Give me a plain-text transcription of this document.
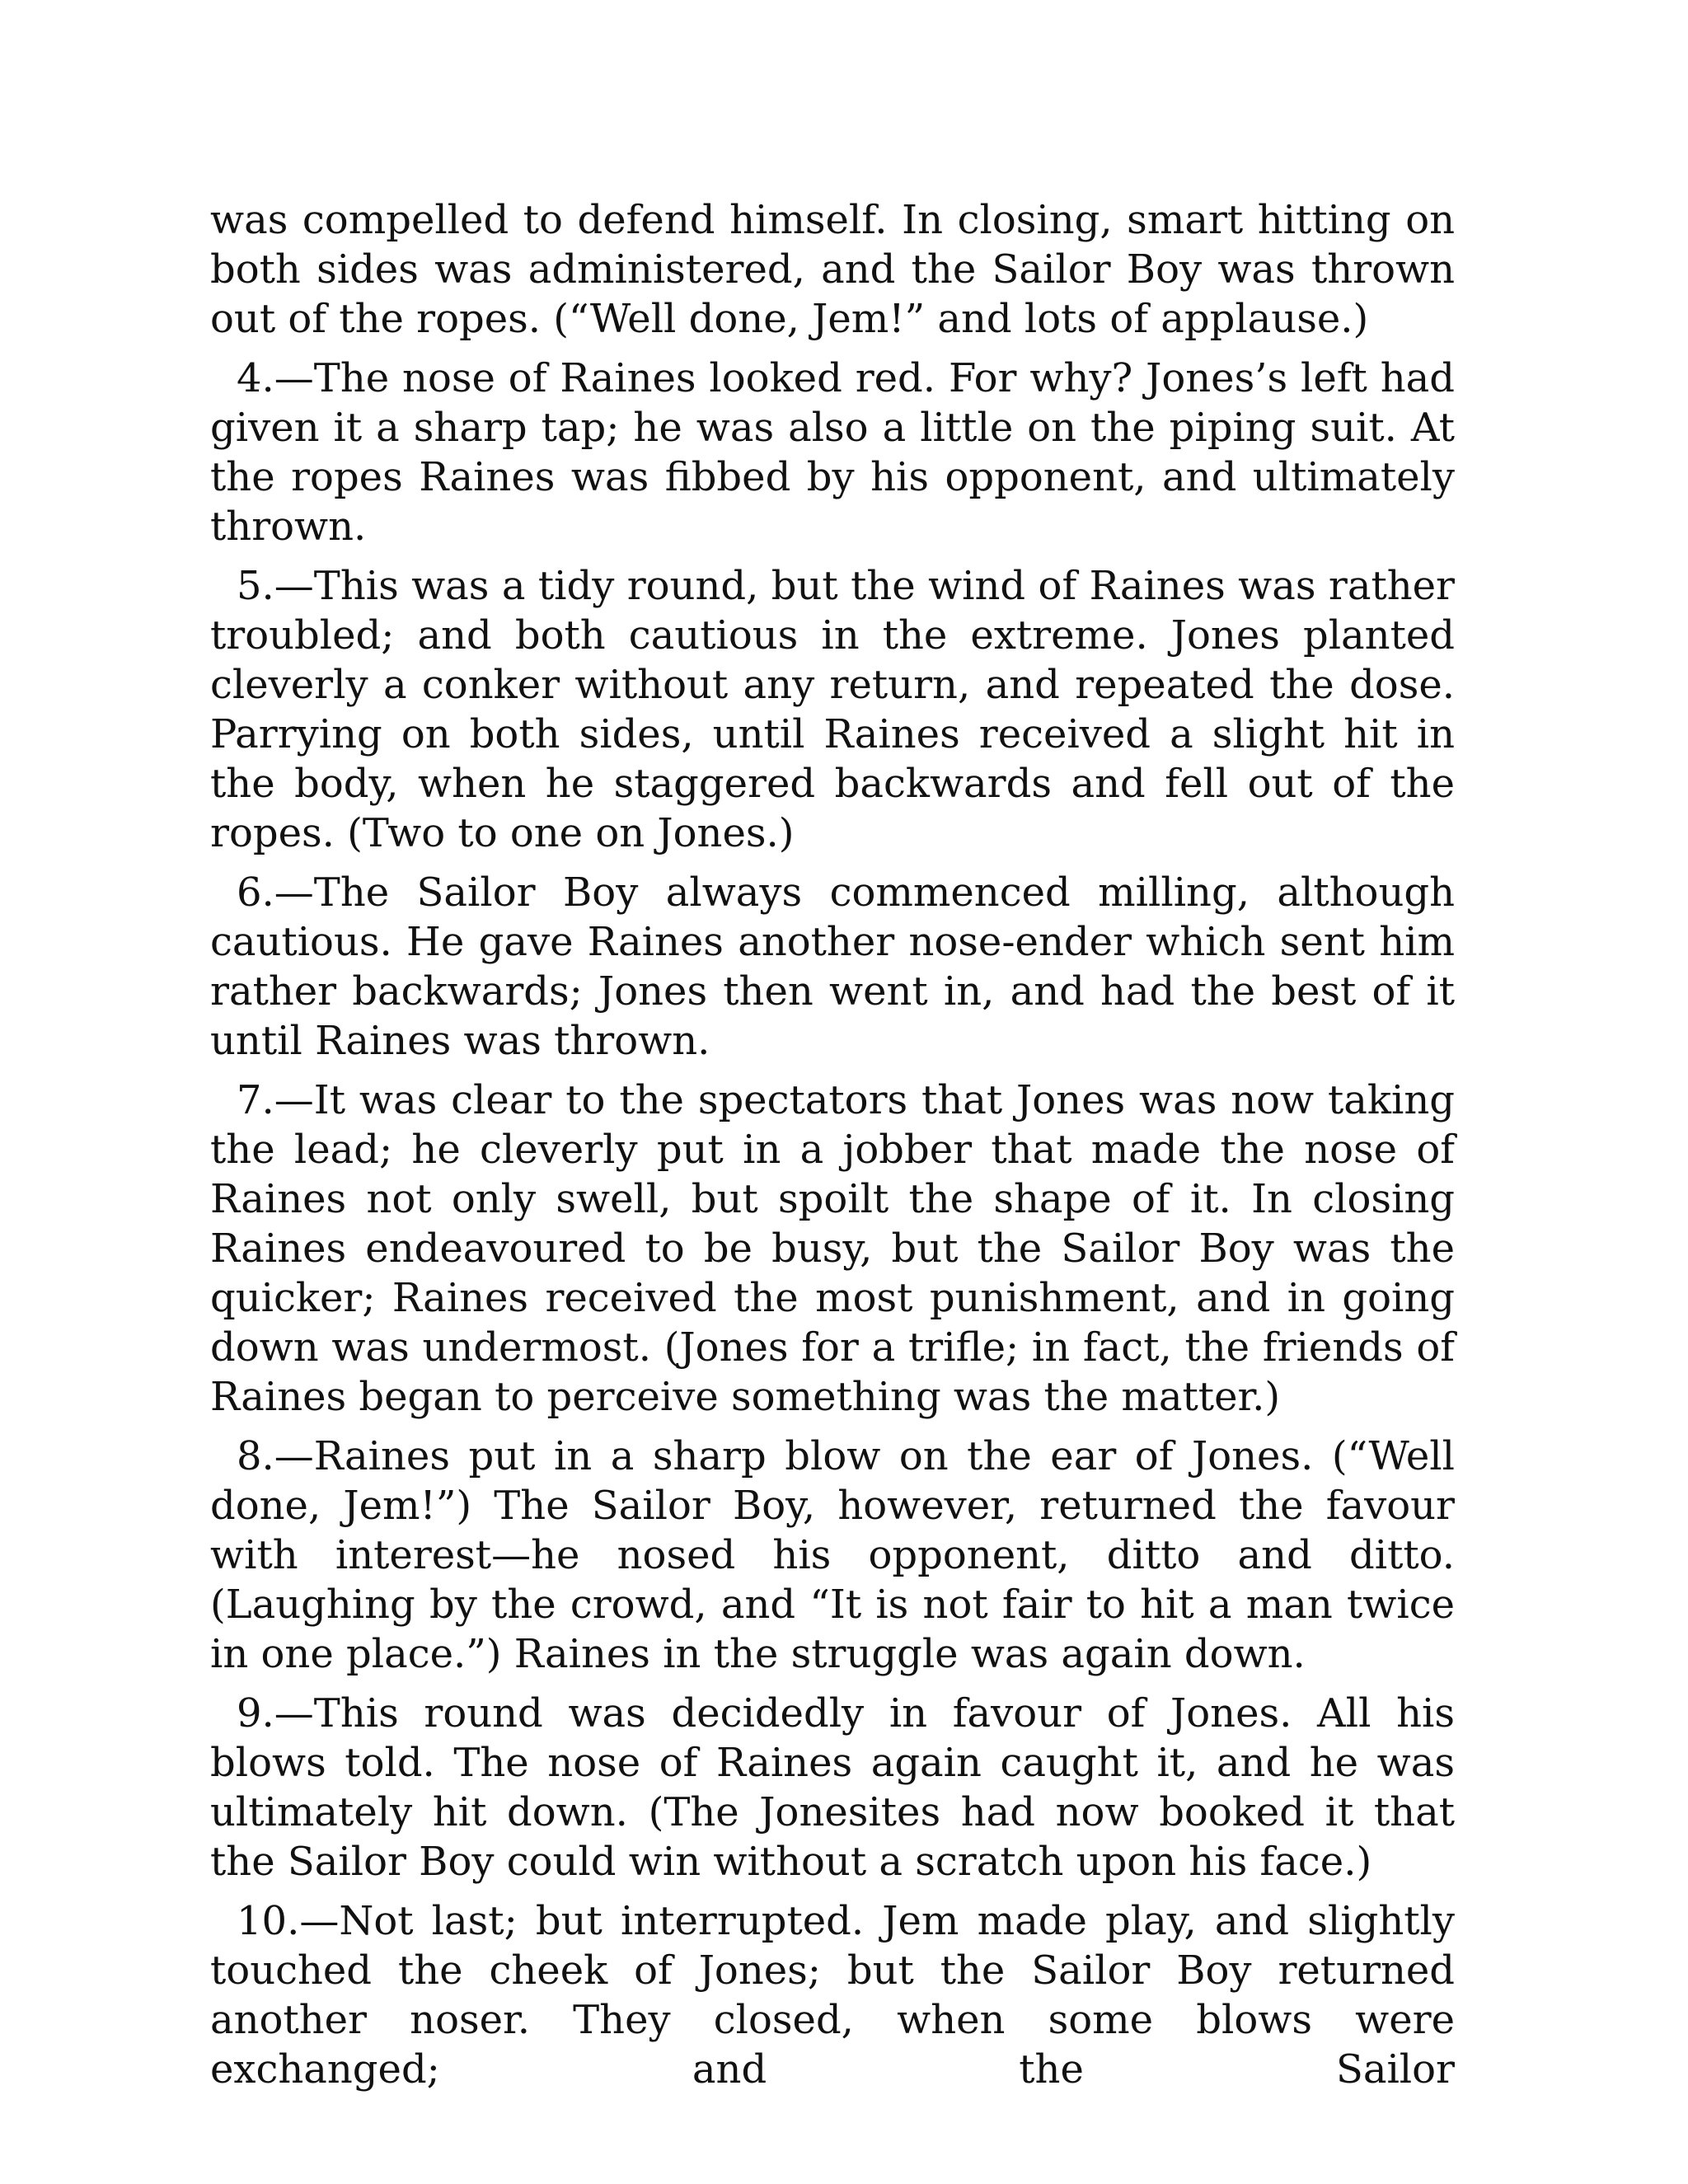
was compelled to defend himself. In closing, smart hitting on both sides was administered, and the Sailor Boy was thrown out of the ropes. (“Well done, Jem!” and lots of applause.)

4.—The nose of Raines looked red. For why? Jones’s left had given it a sharp tap; he was also a little on the piping suit. At the ropes Raines was fibbed by his opponent, and ultimately thrown.

5.—This was a tidy round, but the wind of Raines was rather troubled; and both cautious in the extreme. Jones planted cleverly a conker without any return, and repeated the dose. Parrying on both sides, until Raines received a slight hit in the body, when he staggered backwards and fell out of the ropes. (Two to one on Jones.)

6.—The Sailor Boy always commenced milling, although cautious. He gave Raines another nose-ender which sent him rather backwards; Jones then went in, and had the best of it until Raines was thrown.

7.—It was clear to the spectators that Jones was now taking the lead; he cleverly put in a jobber that made the nose of Raines not only swell, but spoilt the shape of it. In closing Raines endeavoured to be busy, but the Sailor Boy was the quicker; Raines received the most punishment, and in going down was undermost. (Jones for a trifle; in fact, the friends of Raines began to perceive something was the matter.)

8.—Raines put in a sharp blow on the ear of Jones. (“Well done, Jem!”) The Sailor Boy, however, returned the favour with interest—he nosed his opponent, ditto and ditto. (Laughing by the crowd, and “It is not fair to hit a man twice in one place.”) Raines in the struggle was again down.

9.—This round was decidedly in favour of Jones. All his blows told. The nose of Raines again caught it, and he was ultimately hit down. (The Jonesites had now booked it that the Sailor Boy could win without a scratch upon his face.)

10.—Not last; but interrupted. Jem made play, and slightly touched the cheek of Jones; but the Sailor Boy returned another noser. They closed, when some blows were exchanged; and the Sailor
